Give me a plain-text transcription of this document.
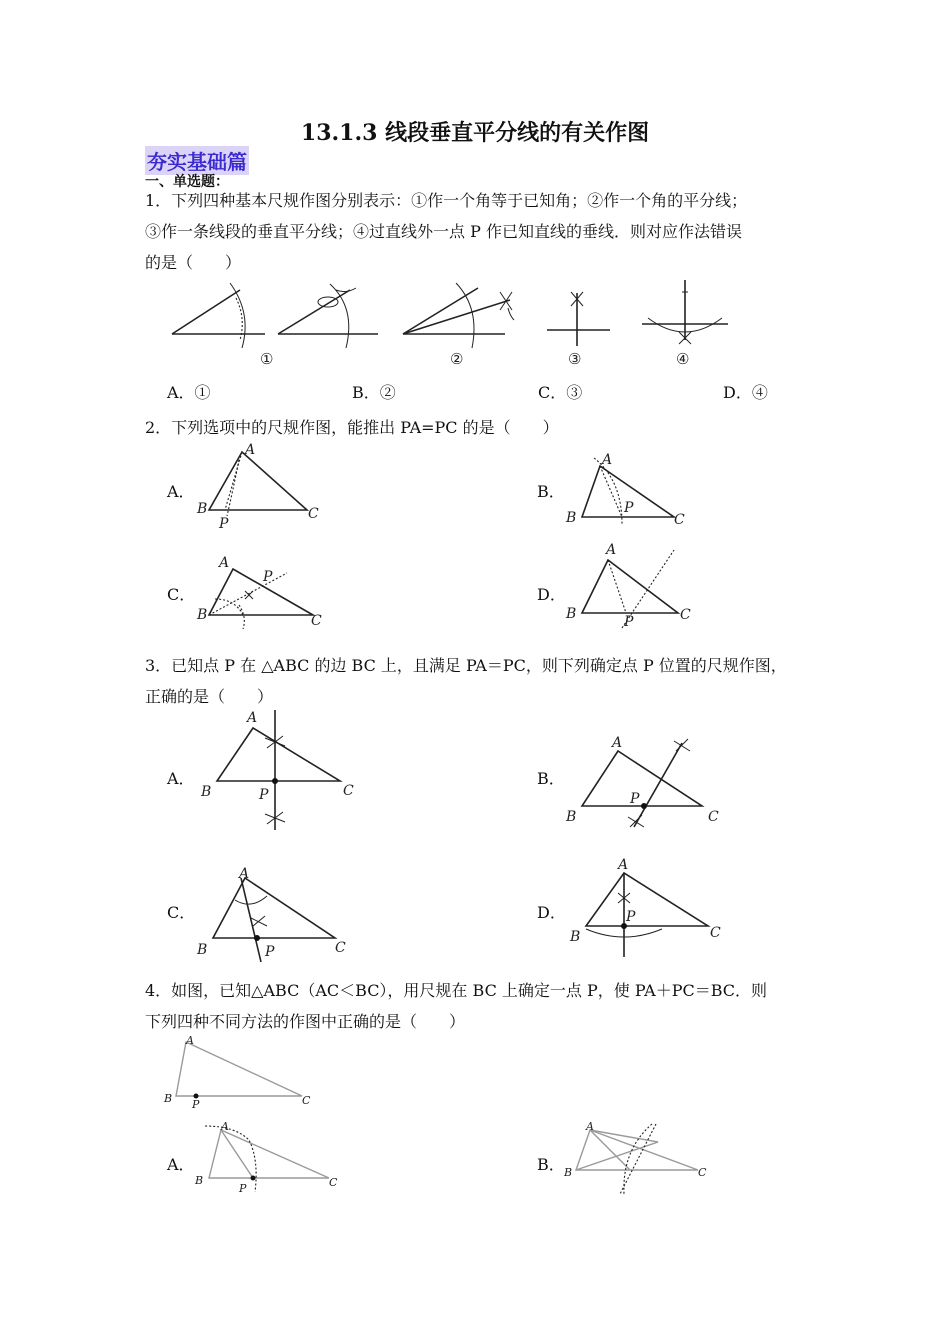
13.1.3 线段垂直平分线的有关作图
夯实基础篇
一、单选题：
1．下列四种基本尺规作图分别表示：①作一个角等于已知角；②作一个角的平分线；
③作一条线段的垂直平分线；④过直线外一点 P 作已知直线的垂线．则对应作法错误
的是（　　）
①	②	③	④
A．①	B．②	C．③	D．④
2．下列选项中的尺规作图，能推出 PA=PC 的是（　　）
A．
A
B	C
P
B．
A
B	C
P
C．
A
B	C
P
D．
A
B	C
P
3．已知点 P 在 △ABC 的边 BC 上，且满足 PA＝PC，则下列确定点 P 位置的尺规作图，
正确的是（　　）
A．
A
B	C
P
B．
A
B	C
P
C．
A
B	C
P
D．
A
B	C
P
4．如图，已知△ABC（AC＜BC），用尺规在 BC 上确定一点 P，使 PA＋PC＝BC．则
下列四种不同方法的作图中正确的是（　　）
A
B	C
P
A．
A
B	C
P
B．
A
B	C
